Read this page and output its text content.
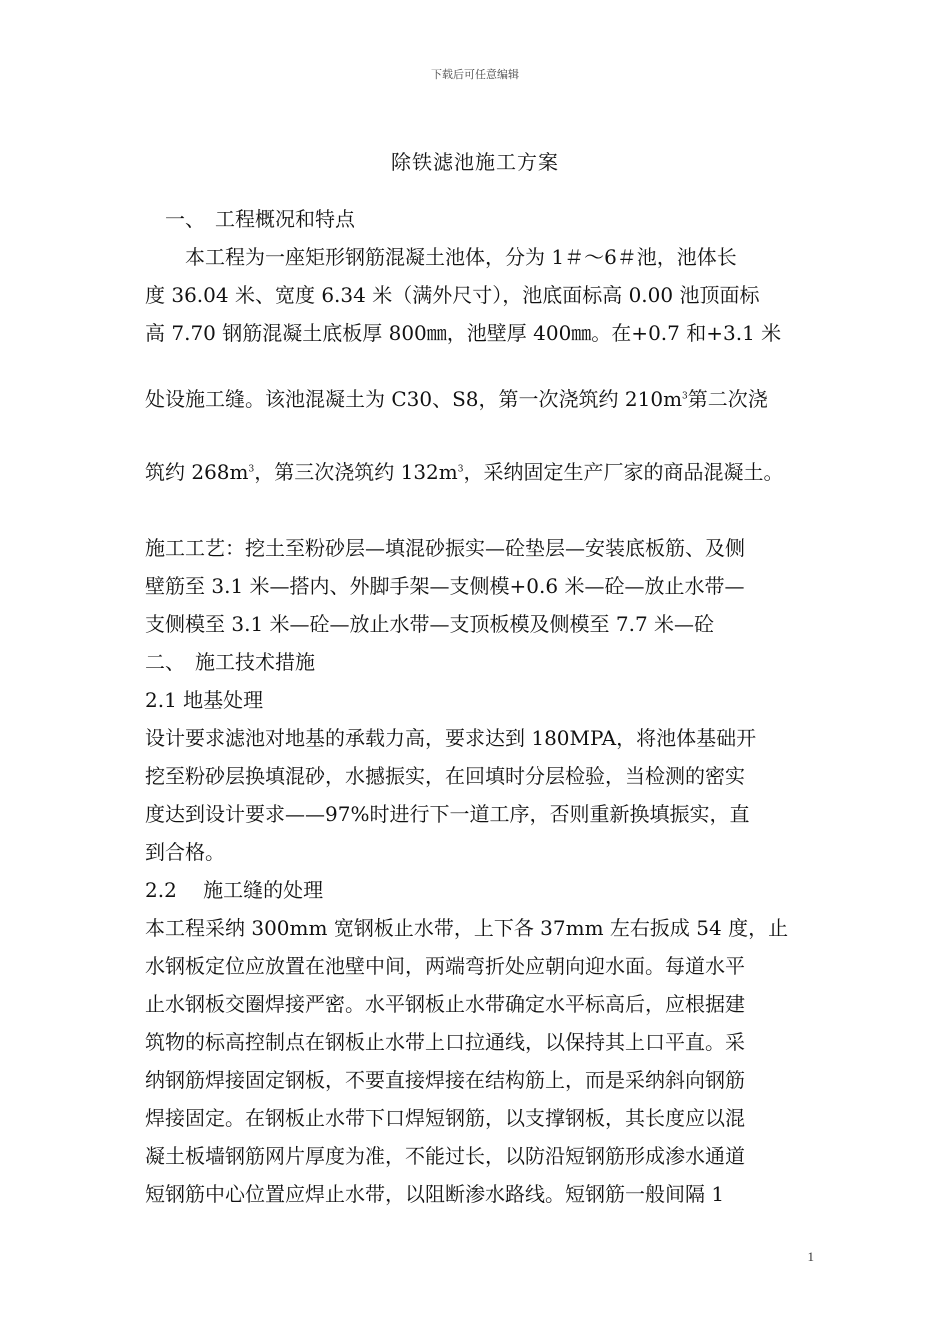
下载后可任意编辑
除铁滤池施工方案

一、　工程概况和特点

本工程为一座矩形钢筋混凝土池体，分为 1＃～6＃池，池体长

度 36.04 米、宽度 6.34 米（满外尺寸），池底面标高 0.00 池顶面标

高 7.70 钢筋混凝土底板厚 800㎜，池壁厚 400㎜。在+0.7 和+3.1 米

处设施工缝。该池混凝土为 C30、S8，第一次浇筑约 $210m^3$第二次浇

筑约 $268m^3$，第三次浇筑约 $132m^3$，采纳固定生产厂家的商品混凝土。

施工工艺：挖土至粉砂层—填混砂振实—砼垫层—安装底板筋、及侧

壁筋至 3.1 米—搭内、外脚手架—支侧模+0.6 米—砼—放止水带—

支侧模至 3.1 米—砼—放止水带—支顶板模及侧模至 7.7 米—砼

二、　施工技术措施

2.1 地基处理

设计要求滤池对地基的承载力高，要求达到 180MPA，将池体基础开

挖至粉砂层换填混砂，水撼振实，在回填时分层检验，当检测的密实

度达到设计要求——97%时进行下一道工序，否则重新换填振实，直

到合格。

2.2　 施工缝的处理

本工程采纳 300mm 宽钢板止水带，上下各 37mm 左右扳成 54 度，止

水钢板定位应放置在池壁中间，两端弯折处应朝向迎水面。每道水平

止水钢板交圈焊接严密。水平钢板止水带确定水平标高后，应根据建

筑物的标高控制点在钢板止水带上口拉通线，以保持其上口平直。采

纳钢筋焊接固定钢板，不要直接焊接在结构筋上，而是采纳斜向钢筋

焊接固定。在钢板止水带下口焊短钢筋，以支撑钢板，其长度应以混

凝土板墙钢筋网片厚度为准，不能过长，以防沿短钢筋形成渗水通道

短钢筋中心位置应焊止水带，以阻断渗水路线。短钢筋一般间隔 1

1
